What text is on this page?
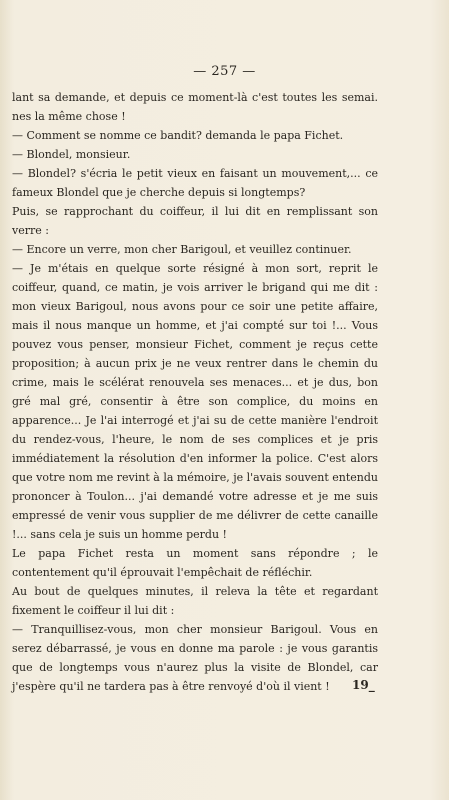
— 257 —

lant sa demande, et depuis ce moment-là c'est toutes les semai. nes la même chose !

— Comment se nomme ce bandit? demanda le papa Fichet.

— Blondel, monsieur.

— Blondel? s'écria le petit vieux en faisant un mouvement,... ce fameux Blondel que je cherche depuis si longtemps?

Puis, se rapprochant du coiffeur, il lui dit en remplissant son verre :

— Encore un verre, mon cher Barigoul, et veuillez continuer.

— Je m'étais en quelque sorte résigné à mon sort, reprit le coiffeur, quand, ce matin, je vois arriver le brigand qui me dit : mon vieux Barigoul, nous avons pour ce soir une petite affaire, mais il nous manque un homme, et j'ai compté sur toi !... Vous pouvez vous penser, monsieur Fichet, comment je reçus cette proposition; à aucun prix je ne veux rentrer dans le chemin du crime, mais le scélérat renouvela ses menaces... et je dus, bon gré mal gré, consentir à être son complice, du moins en apparence... Je l'ai interrogé et j'ai su de cette manière l'endroit du rendez-vous, l'heure, le nom de ses complices et je pris immédiatement la résolution d'en informer la police. C'est alors que votre nom me revint à la mémoire, je l'avais souvent entendu prononcer à Toulon... j'ai demandé votre adresse et je me suis empressé de venir vous supplier de me délivrer de cette canaille !... sans cela je suis un homme perdu !

Le papa Fichet resta un moment sans répondre ; le contentement qu'il éprouvait l'empêchait de réfléchir.

Au bout de quelques minutes, il releva la tête et regardant fixement le coiffeur il lui dit :

— Tranquillisez-vous, mon cher monsieur Barigoul. Vous en serez débarrassé, je vous en donne ma parole : je vous garantis que de longtemps vous n'aurez plus la visite de Blondel, car j'espère qu'il ne tardera pas à être renvoyé d'où il vient !	19_
